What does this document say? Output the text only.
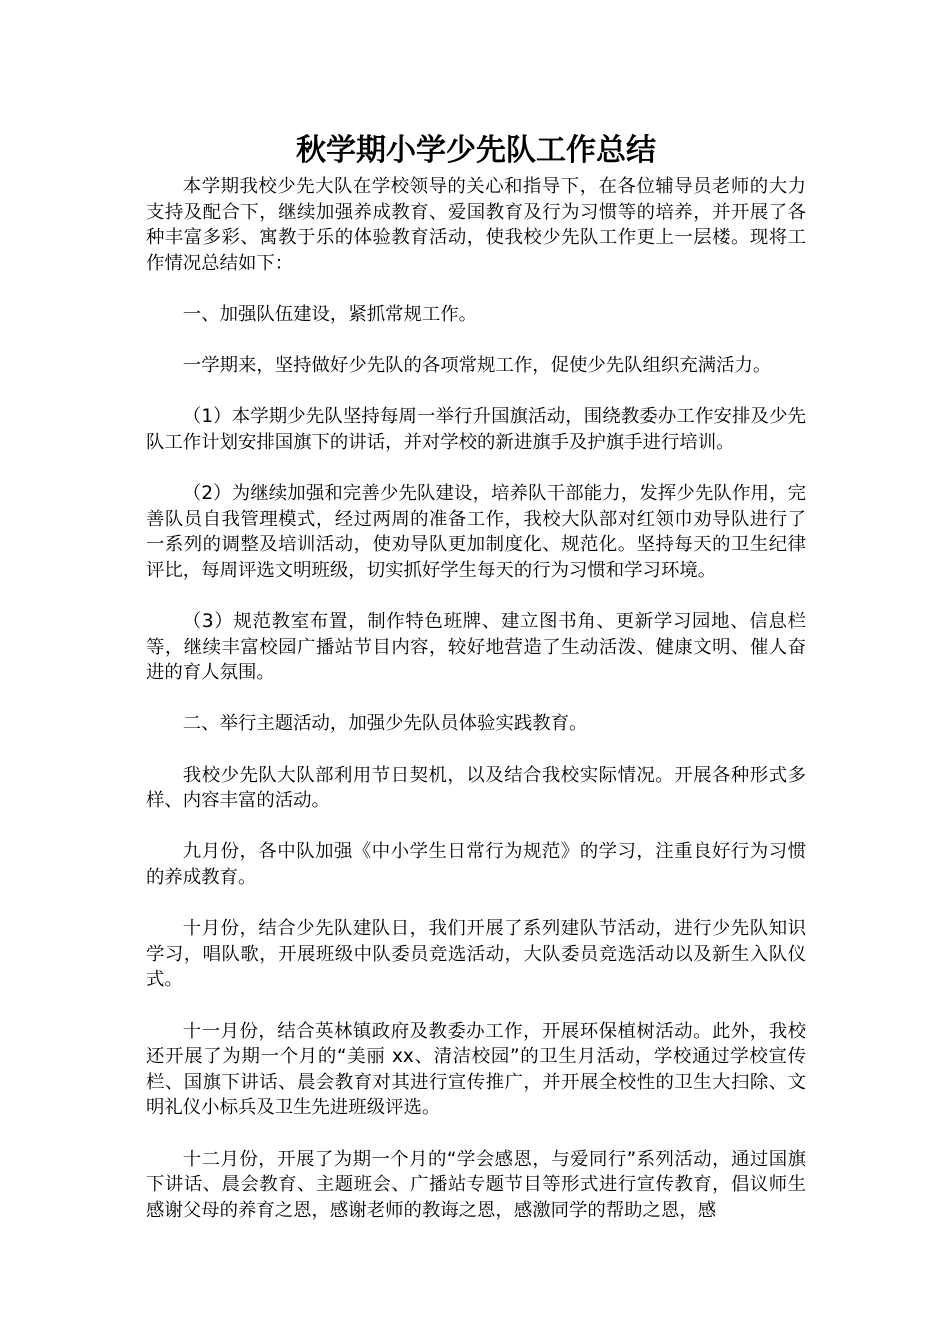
秋学期小学少先队工作总结

本学期我校少先大队在学校领导的关心和指导下，在各位辅导员老师的大力支持及配合下，继续加强养成教育、爱国教育及行为习惯等的培养，并开展了各种丰富多彩、寓教于乐的体验教育活动，使我校少先队工作更上一层楼。现将工作情况总结如下：

一、加强队伍建设，紧抓常规工作。

一学期来，坚持做好少先队的各项常规工作，促使少先队组织充满活力。

（1）本学期少先队坚持每周一举行升国旗活动，围绕教委办工作安排及少先队工作计划安排国旗下的讲话，并对学校的新进旗手及护旗手进行培训。

（2）为继续加强和完善少先队建设，培养队干部能力，发挥少先队作用，完善队员自我管理模式，经过两周的准备工作，我校大队部对红领巾劝导队进行了一系列的调整及培训活动，使劝导队更加制度化、规范化。坚持每天的卫生纪律评比，每周评选文明班级，切实抓好学生每天的行为习惯和学习环境。

（3）规范教室布置，制作特色班牌、建立图书角、更新学习园地、信息栏等，继续丰富校园广播站节目内容，较好地营造了生动活泼、健康文明、催人奋进的育人氛围。

二、举行主题活动，加强少先队员体验实践教育。

我校少先队大队部利用节日契机，以及结合我校实际情况。开展各种形式多样、内容丰富的活动。

九月份，各中队加强《中小学生日常行为规范》的学习，注重良好行为习惯的养成教育。

十月份，结合少先队建队日，我们开展了系列建队节活动，进行少先队知识学习，唱队歌，开展班级中队委员竞选活动，大队委员竞选活动以及新生入队仪式。

十一月份，结合英林镇政府及教委办工作，开展环保植树活动。此外，我校还开展了为期一个月的“美丽 xx、清洁校园”的卫生月活动，学校通过学校宣传栏、国旗下讲话、晨会教育对其进行宣传推广，并开展全校性的卫生大扫除、文明礼仪小标兵及卫生先进班级评选。

十二月份，开展了为期一个月的“学会感恩，与爱同行”系列活动，通过国旗下讲话、晨会教育、主题班会、广播站专题节目等形式进行宣传教育，倡议师生感谢父母的养育之恩，感谢老师的教诲之恩，感激同学的帮助之恩，感
